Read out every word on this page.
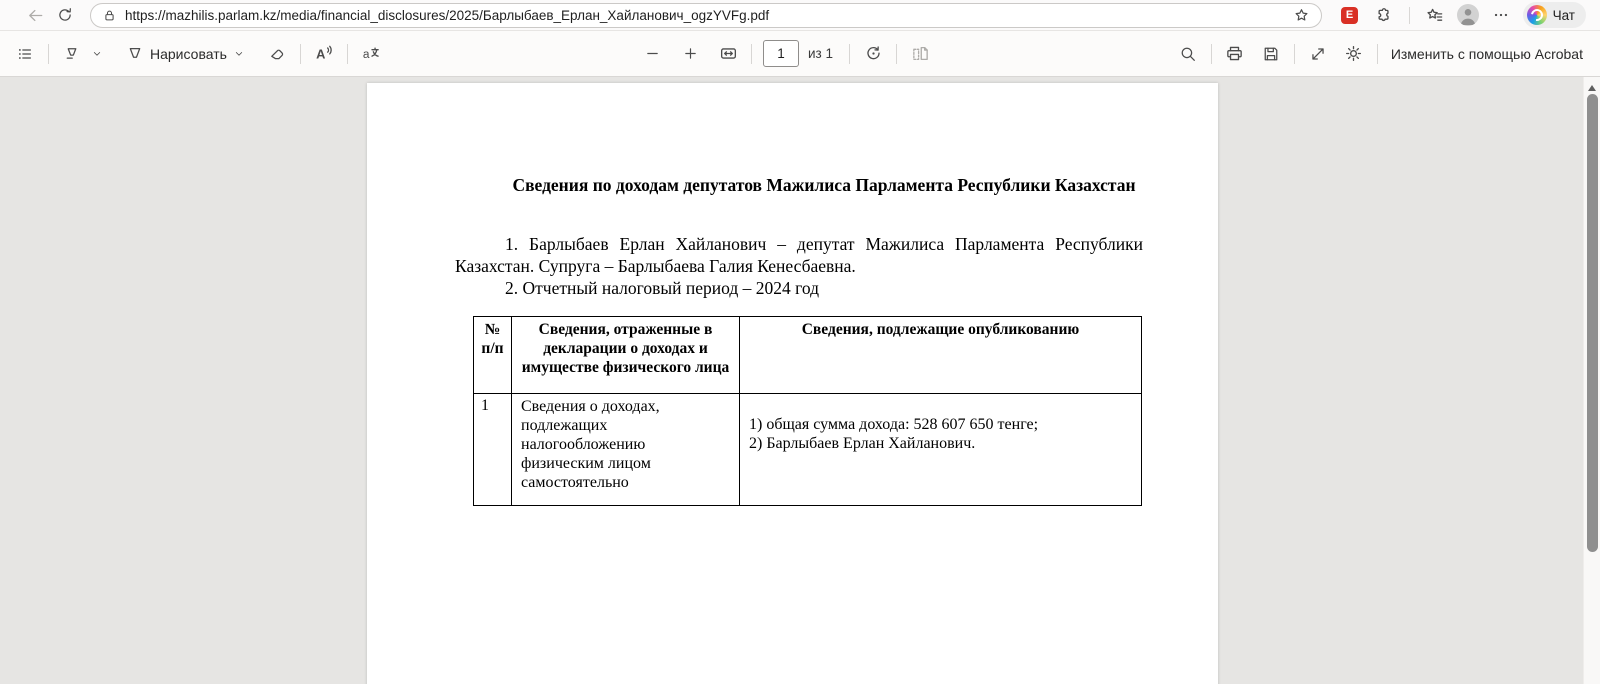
https://mazhilis.parlam.kz/media/financial_disclosures/2025/Барлыбаев_Ерлан_Хайланович_ogzYVFg.pdf	E	Чат
Нарисовать	A	a
1	из 1	Изменить с помощью Acrobat
Сведения по доходам депутатов Мажилиса Парламента Республики Казахстан

1. Барлыбаев Ерлан Хайланович – депутат Мажилиса Парламента Республики Казахстан. Супруга – Барлыбаева Галия Кенесбаевна.

2. Отчетный налоговый период – 2024 год

№ п/п	Сведения, отраженные в декларации о доходах и имуществе физического лица	Сведения, подлежащие опубликованию
1	Сведения о доходах, подлежащих налогообложению физическим лицом самостоятельно	1) общая сумма дохода: 528 607 650 тенге;
2) Барлыбаев Ерлан Хайланович.
